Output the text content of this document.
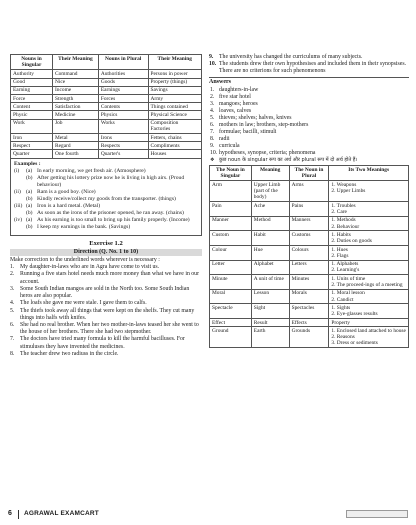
Nouns in Singular	Their Meaning	Nouns in Plural	Their Meaning
Authority	Command	Authorities	Persons in power
Good	Nice	Goods	Property (things)
Earning	Income	Earnings	Savings
Force	Strength	Forces	Army
Content	Satisfaction	Contents	Things contained
Physic	Medicine	Physics	Physical Science
Work	Job	Works	Composition Factories
Iron	Metal	Irons	Fetters, chains
Respect	Regard	Respects	Compliments
Quarter	One fourth	Quarter's	Houses
Examples :
(i)	(a) In early morning, we get fresh air. (Atmosphere)
(b) After getting his lottery prize now he is living in high airs. (Proud behaviour)
(ii) (a) Ram is a good boy. (Nice)
(b) Kindly receive/collect my goods from the transporter. (things)
(iii) (a) Iron is a hard metal. (Metal)
(b) As soon as the irons of the prisoner opened, he ran away. (chains)
(iv) (a) As his earning is too small to bring up his family properly. (Income)
(b) I keep my earnings in the bank. (Savings)
Exercise 1.2
Direction (Q. No. 1 to 10)
Make correction to the underlined words wherever is necessary :
1. My daughter-in-laws who are in Agra have come to visit us.
2. Running a five stars hotel needs much more money than what we have in our account.
3. Some South Indian mangos are sold in the North too. Some South Indian heros are also popular.
4. The loafs she gave me were stale. I gave them to calfs.
5. The thiefs took away all things that were kept on the shelfs. They cut many things into halfs with knifes.
6. She had no real brother. When her two mother-in-laws teased her she went to the house of her brothers. There she had two stepmother.
7. The doctors have tried many formula to kill the harmful bacilluses. For stimuluses they have invented the medicines.
8. The teacher drew two radiuss in the circle.
9. The university has changed the curriculums of many subjects.
10. The students drew their own hypothesises and included them in their synopsises. There are no criterions for such phenomenons
Answers
1. daughters-in-law
2. five star hotel
3. mangoes; heroes
4. loaves, calves
5. thieves; shelves; halves, knives
6. mothers in law; brothers, step-mothers
7. formulae; bacilli, stimuli
8. radii
9. curricula
10. hypotheses, synopse, criteria; phenomena
❖ कुछ noun के singular रूप का अर्थ और plural रूप में दो अर्थ होते हैं।
The Noun in Singular	Meaning	The Noun in Plural	Its Two Meanings
Arm	Upper Limb (part of the body)	Arms	1. Weapons
2. Upper Limbs
Pain	Ache	Pains	1. Troubles
2. Care
Manner	Method	Manners	1. Methods
2. Behaviour
Custom	Habit	Customs	1. Habits
2. Duties on goods
Colour	Hue	Colours	1. Hues
2. Flags
Letter	Alphabet	Letters	1. Alphabets
2. Learning's
Minute	A unit of time	Minutes	1. Units of time
2. The proceed-ings of a meeting
Moral	Lesson	Morals	1. Moral lesson
2. Candict
Spectacle	Sight	Spectacles	1. Sights
2. Eye-glasses results
Effect	Result	Effects	Property
Ground	Earth	Grounds	1. Enclosed land attached to house
2. Reasons
3. Dress or sediments
6 AGRAWAL EXAMCART
